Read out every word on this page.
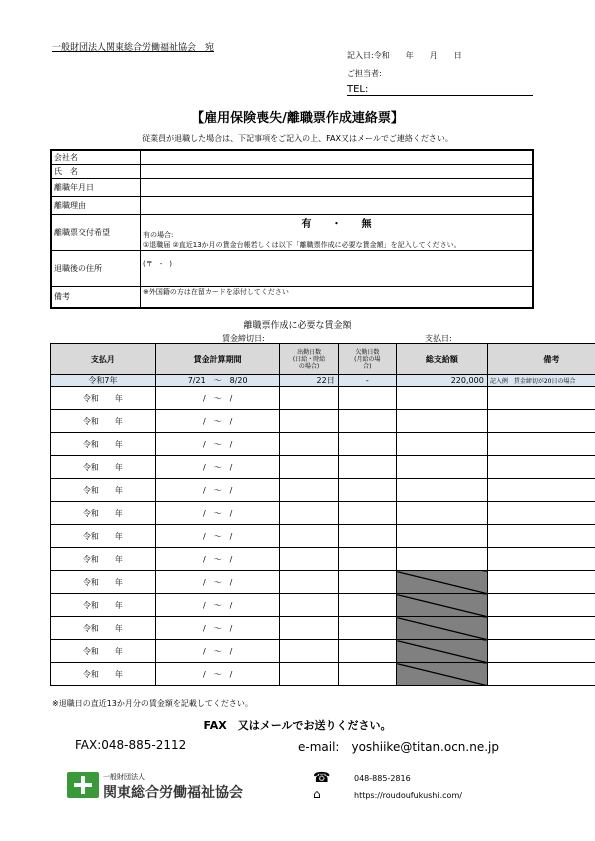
一般財団法人関東総合労働福祉協会　宛
記入日:令和　　年　　月　　日
ご担当者:
TEL:
【雇用保険喪失/離職票作成連絡票】
従業員が退職した場合は、下記事項をご記入の上、FAX又はメールでご連絡ください。
会社名	
氏　名	
離職年月日	
離職理由	
離職票交付希望	有　　・　　無
有の場合:
①退職届 ②直近13か月の賃金台帳若しくは以下「離職票作成に必要な賃金額」を記入してください。

退職後の住所	(〒　-　)
備考	※外国籍の方は在留カードを添付してください
離職票作成に必要な賃金額
賃金締切日:	支払日:
支払月	賃金計算期間	出勤日数
(日給・時給
の場合)	欠勤日数
(月給の場
合)	総支給額	備考
令和7年	7/21　〜　8/20	22日	-	220,000	記入例　賃金締切が20日の場合
令和　　年	/　〜　/				
令和　　年	/　〜　/				
令和　　年	/　〜　/				
令和　　年	/　〜　/				
令和　　年	/　〜　/				
令和　　年	/　〜　/				
令和　　年	/　〜　/				
令和　　年	/　〜　/				
令和　　年	/　〜　/				
令和　　年	/　〜　/				
令和　　年	/　〜　/				
令和　　年	/　〜　/				
令和　　年	/　〜　/				
※退職日の直近13か月分の賃金額を記載してください。
FAX　又はメールでお送りください。
FAX:048-885-2112	e-mail:　yoshiike@titan.ocn.ne.jp
一般財団法人
関東総合労働福祉協会
☎
⌂
048-885-2816
https://roudoufukushi.com/
